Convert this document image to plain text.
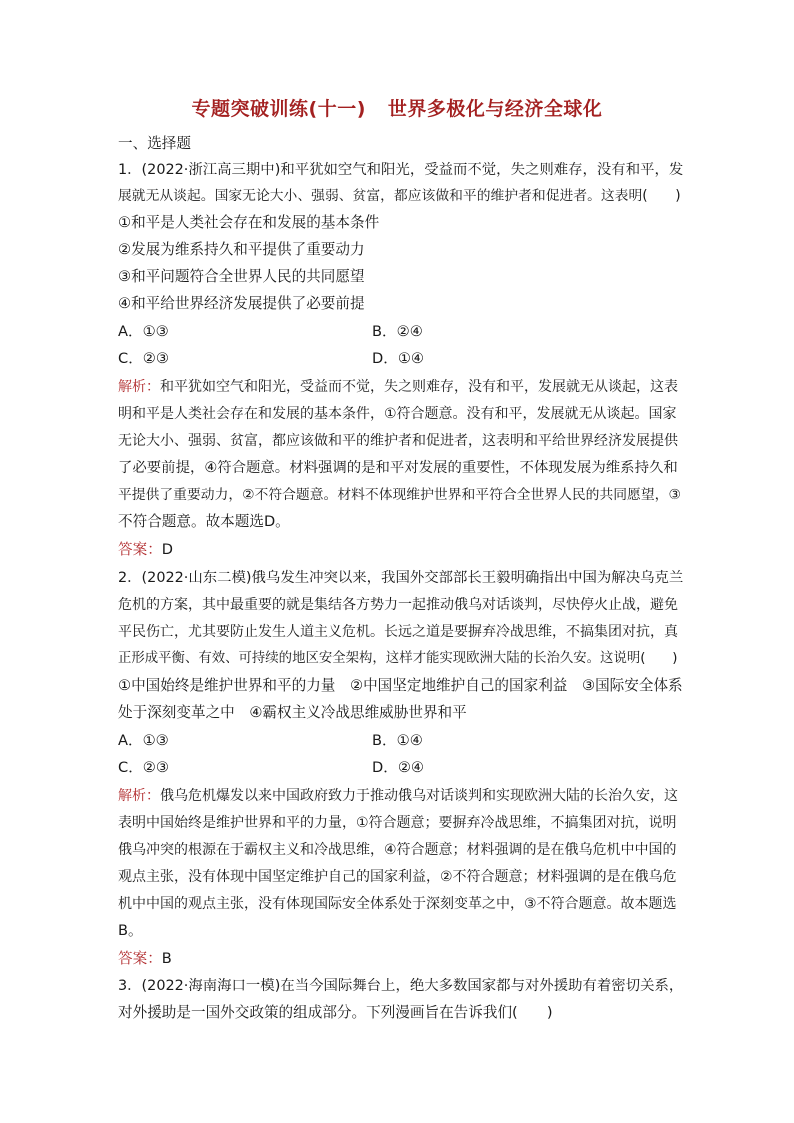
专题突破训练(十一) 世界多极化与经济全球化
一、选择题
1．(2022·浙江高三期中)和平犹如空气和阳光，受益而不觉，失之则难存，没有和平，发
展就无从谈起。国家无论大小、强弱、贫富，都应该做和平的维护者和促进者。这表明(　　)
①和平是人类社会存在和发展的基本条件
②发展为维系持久和平提供了重要动力
③和平问题符合全世界人民的共同愿望
④和平给世界经济发展提供了必要前提
A．①③	B．②④
C．②③	D．①④
解析：和平犹如空气和阳光，受益而不觉，失之则难存，没有和平，发展就无从谈起，这表
明和平是人类社会存在和发展的基本条件，①符合题意。没有和平，发展就无从谈起。国家
无论大小、强弱、贫富，都应该做和平的维护者和促进者，这表明和平给世界经济发展提供
了必要前提，④符合题意。材料强调的是和平对发展的重要性，不体现发展为维系持久和
平提供了重要动力，②不符合题意。材料不体现维护世界和平符合全世界人民的共同愿望，③
不符合题意。故本题选D。
答案：D
2．(2022·山东二模)俄乌发生冲突以来，我国外交部部长王毅明确指出中国为解决乌克兰
危机的方案，其中最重要的就是集结各方势力一起推动俄乌对话谈判，尽快停火止战，避免
平民伤亡，尤其要防止发生人道主义危机。长远之道是要摒弃冷战思维，不搞集团对抗，真
正形成平衡、有效、可持续的地区安全架构，这样才能实现欧洲大陆的长治久安。这说明(　　)
①中国始终是维护世界和平的力量　②中国坚定地维护自己的国家利益　③国际安全体系
处于深刻变革之中　④霸权主义冷战思维威胁世界和平
A．①③	B．①④
C．②③	D．②④
解析：俄乌危机爆发以来中国政府致力于推动俄乌对话谈判和实现欧洲大陆的长治久安，这
表明中国始终是维护世界和平的力量，①符合题意；要摒弃冷战思维，不搞集团对抗，说明
俄乌冲突的根源在于霸权主义和冷战思维，④符合题意；材料强调的是在俄乌危机中中国的
观点主张，没有体现中国坚定维护自己的国家利益，②不符合题意；材料强调的是在俄乌危
机中中国的观点主张，没有体现国际安全体系处于深刻变革之中，③不符合题意。故本题选
B。
答案：B
3．(2022·海南海口一模)在当今国际舞台上，绝大多数国家都与对外援助有着密切关系，
对外援助是一国外交政策的组成部分。下列漫画旨在告诉我们(　　)
